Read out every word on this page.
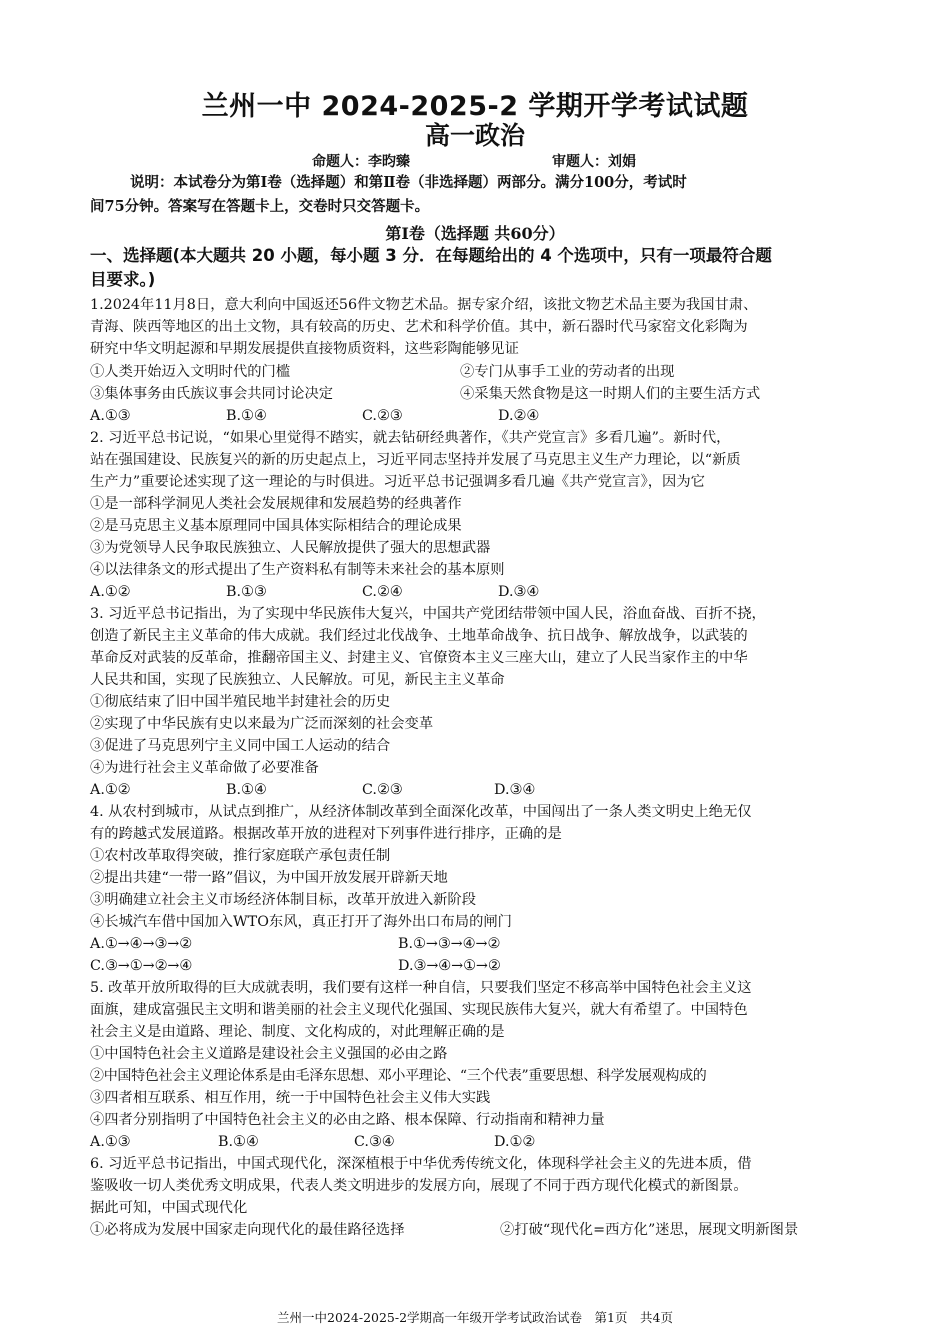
兰州一中 2024-2025-2 学期开学考试试题
高一政治
命题人：李昀臻	审题人：刘娟
说明：本试卷分为第Ⅰ卷（选择题）和第Ⅱ卷（非选择题）两部分。满分100分，考试时
间75分钟。答案写在答题卡上，交卷时只交答题卡。
第Ⅰ卷（选择题 共60分）
一、选择题(本大题共 20 小题，每小题 3 分．在每题给出的 4 个选项中，只有一项最符合题
目要求。)
1.2024年11月8日，意大利向中国返还56件文物艺术品。据专家介绍，该批文物艺术品主要为我国甘肃、
青海、陕西等地区的出土文物，具有较高的历史、艺术和科学价值。其中，新石器时代马家窑文化彩陶为
研究中华文明起源和早期发展提供直接物质资料，这些彩陶能够见证
①人类开始迈入文明时代的门槛	②专门从事手工业的劳动者的出现
③集体事务由氏族议事会共同讨论决定	④采集天然食物是这一时期人们的主要生活方式
A.①③	B.①④	C.②③	D.②④
2. 习近平总书记说，“如果心里觉得不踏实，就去钻研经典著作，《共产党宣言》多看几遍”。新时代，
站在强国建设、民族复兴的新的历史起点上，习近平同志坚持并发展了马克思主义生产力理论，以“新质
生产力”重要论述实现了这一理论的与时俱进。习近平总书记强调多看几遍《共产党宣言》，因为它
①是一部科学洞见人类社会发展规律和发展趋势的经典著作
②是马克思主义基本原理同中国具体实际相结合的理论成果
③为党领导人民争取民族独立、人民解放提供了强大的思想武器
④以法律条文的形式提出了生产资料私有制等未来社会的基本原则
A.①②	B.①③	C.②④	D.③④
3. 习近平总书记指出，为了实现中华民族伟大复兴，中国共产党团结带领中国人民，浴血奋战、百折不挠，
创造了新民主主义革命的伟大成就。我们经过北伐战争、土地革命战争、抗日战争、解放战争，以武装的
革命反对武装的反革命，推翻帝国主义、封建主义、官僚资本主义三座大山，建立了人民当家作主的中华
人民共和国，实现了民族独立、人民解放。可见，新民主主义革命
①彻底结束了旧中国半殖民地半封建社会的历史
②实现了中华民族有史以来最为广泛而深刻的社会变革
③促进了马克思列宁主义同中国工人运动的结合
④为进行社会主义革命做了必要准备
A.①②	B.①④	C.②③	D.③④
4. 从农村到城市，从试点到推广，从经济体制改革到全面深化改革，中国闯出了一条人类文明史上绝无仅
有的跨越式发展道路。根据改革开放的进程对下列事件进行排序，正确的是
①农村改革取得突破，推行家庭联产承包责任制
②提出共建“一带一路”倡议，为中国开放发展开辟新天地
③明确建立社会主义市场经济体制目标，改革开放进入新阶段
④长城汽车借中国加入WTO东风，真正打开了海外出口布局的闸门
A.①→④→③→②	B.①→③→④→②
C.③→①→②→④	D.③→④→①→②
5. 改革开放所取得的巨大成就表明，我们要有这样一种自信，只要我们坚定不移高举中国特色社会主义这
面旗，建成富强民主文明和谐美丽的社会主义现代化强国、实现民族伟大复兴，就大有希望了。中国特色
社会主义是由道路、理论、制度、文化构成的，对此理解正确的是
①中国特色社会主义道路是建设社会主义强国的必由之路
②中国特色社会主义理论体系是由毛泽东思想、邓小平理论、“三个代表”重要思想、科学发展观构成的
③四者相互联系、相互作用，统一于中国特色社会主义伟大实践
④四者分别指明了中国特色社会主义的必由之路、根本保障、行动指南和精神力量
A.①③	B.①④	C.③④	D.①②
6. 习近平总书记指出，中国式现代化，深深植根于中华优秀传统文化，体现科学社会主义的先进本质，借
鉴吸收一切人类优秀文明成果，代表人类文明进步的发展方向，展现了不同于西方现代化模式的新图景。
据此可知，中国式现代化
①必将成为发展中国家走向现代化的最佳路径选择	②打破“现代化=西方化”迷思，展现文明新图景
兰州一中2024-2025-2学期高一年级开学考试政治试卷　第1页　共4页
